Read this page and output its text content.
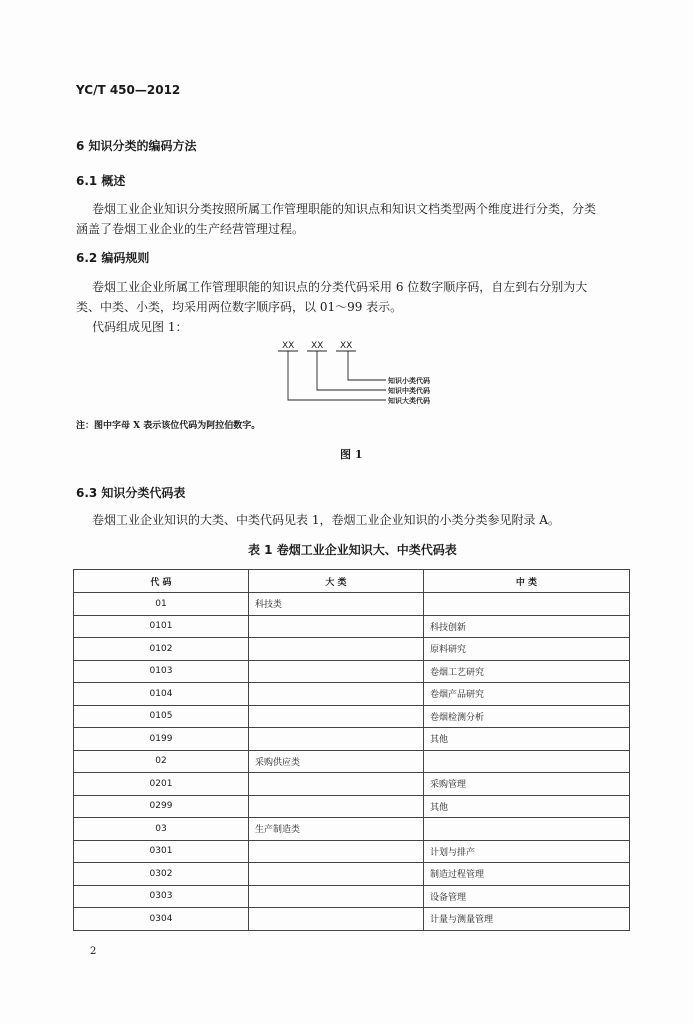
YC/T 450—2012
6 知识分类的编码方法
6.1 概述
卷烟工业企业知识分类按照所属工作管理职能的知识点和知识文档类型两个维度进行分类，分类
涵盖了卷烟工业企业的生产经营管理过程。
6.2 编码规则
卷烟工业企业所属工作管理职能的知识点的分类代码采用 6 位数字顺序码，自左到右分别为大
类、中类、小类，均采用两位数字顺序码，以 01～99 表示。
代码组成见图 1：
XX XX XX
知识小类代码
知识中类代码
知识大类代码
注：图中字母 X 表示该位代码为阿拉伯数字。
图 1
6.3 知识分类代码表
卷烟工业企业知识的大类、中类代码见表 1，卷烟工业企业知识的小类分类参见附录 A。
表 1 卷烟工业企业知识大、中类代码表
代 码	大 类	中 类
01	科技类	
0101		科技创新
0102		原料研究
0103		卷烟工艺研究
0104		卷烟产品研究
0105		卷烟检测分析
0199		其他
02	采购供应类	
0201		采购管理
0299		其他
03	生产制造类	
0301		计划与排产
0302		制造过程管理
0303		设备管理
0304		计量与测量管理
2
